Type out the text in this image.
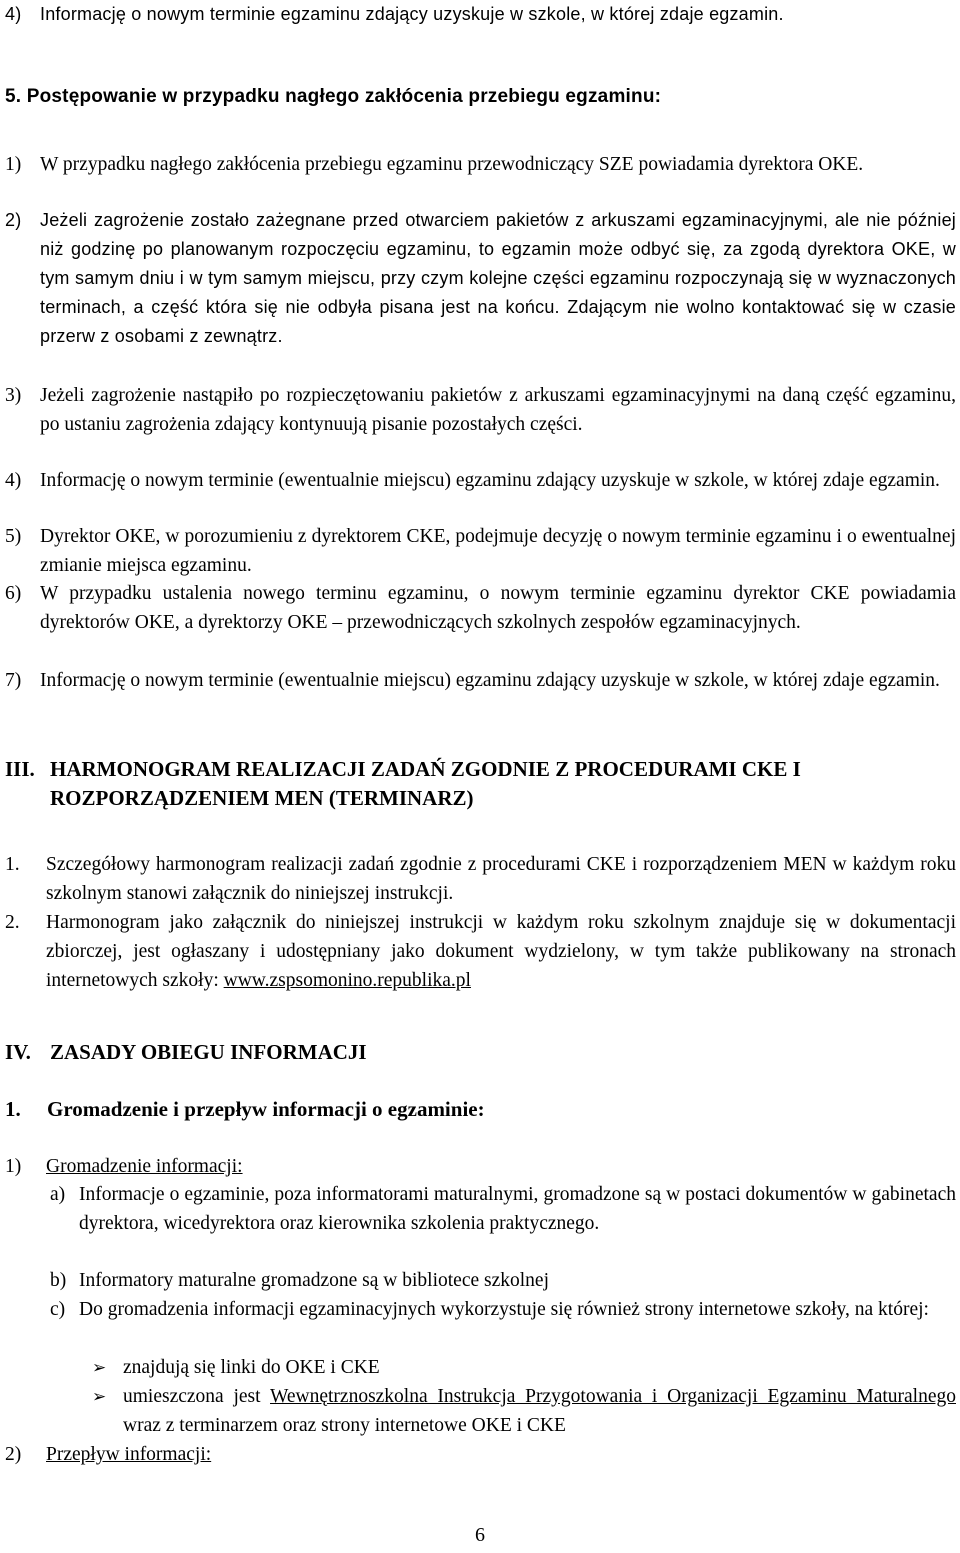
4) Informację o nowym terminie egzaminu zdający uzyskuje w szkole, w której zdaje egzamin.
5. Postępowanie w przypadku nagłego zakłócenia przebiegu egzaminu:
1) W przypadku nagłego zakłócenia przebiegu egzaminu przewodniczący SZE powiadamia dyrektora OKE.
2) Jeżeli zagrożenie zostało zażegnane przed otwarciem pakietów z arkuszami egzaminacyjnymi, ale nie później niż godzinę po planowanym rozpoczęciu egzaminu, to egzamin może odbyć się, za zgodą dyrektora OKE, w tym samym dniu i w tym samym miejscu, przy czym kolejne części egzaminu rozpoczynają się w wyznaczonych terminach, a część która się nie odbyła pisana jest na końcu. Zdającym nie wolno kontaktować się w czasie przerw z osobami z zewnątrz.
3) Jeżeli zagrożenie nastąpiło po rozpieczętowaniu pakietów z arkuszami egzaminacyjnymi na daną część egzaminu, po ustaniu zagrożenia zdający kontynuują pisanie pozostałych części.
4) Informację o nowym terminie (ewentualnie miejscu) egzaminu zdający uzyskuje w szkole, w której zdaje egzamin.
5) Dyrektor OKE, w porozumieniu z dyrektorem CKE, podejmuje decyzję o nowym terminie egzaminu i o ewentualnej zmianie miejsca egzaminu.
6) W przypadku ustalenia nowego terminu egzaminu, o nowym terminie egzaminu dyrektor CKE powiadamia dyrektorów OKE, a dyrektorzy OKE – przewodniczących szkolnych zespołów egzaminacyjnych.
7) Informację o nowym terminie (ewentualnie miejscu) egzaminu zdający uzyskuje w szkole, w której zdaje egzamin.
III. HARMONOGRAM REALIZACJI ZADAŃ ZGODNIE Z PROCEDURAMI CKE I
ROZPORZĄDZENIEM MEN (TERMINARZ)
1. Szczegółowy harmonogram realizacji zadań zgodnie z procedurami CKE i rozporządzeniem MEN w każdym roku szkolnym stanowi załącznik do niniejszej instrukcji.
2. Harmonogram jako załącznik do niniejszej instrukcji w każdym roku szkolnym znajduje się w dokumentacji zbiorczej, jest ogłaszany i udostępniany jako dokument wydzielony, w tym także publikowany na stronach internetowych szkoły: www.zspsomonino.republika.pl
IV. ZASADY OBIEGU INFORMACJI
1. Gromadzenie i przepływ informacji o egzaminie:
1) Gromadzenie informacji:
a) Informacje o egzaminie, poza informatorami maturalnymi, gromadzone są w postaci dokumentów w gabinetach dyrektora, wicedyrektora oraz kierownika szkolenia praktycznego.
b) Informatory maturalne gromadzone są w bibliotece szkolnej
c) Do gromadzenia informacji egzaminacyjnych wykorzystuje się również strony internetowe szkoły, na której:
➢ znajdują się linki do OKE i CKE
➢ umieszczona jest Wewnętrznoszkolna Instrukcja Przygotowania i Organizacji Egzaminu Maturalnego wraz z terminarzem oraz strony internetowe OKE i CKE
2) Przepływ informacji:
6
